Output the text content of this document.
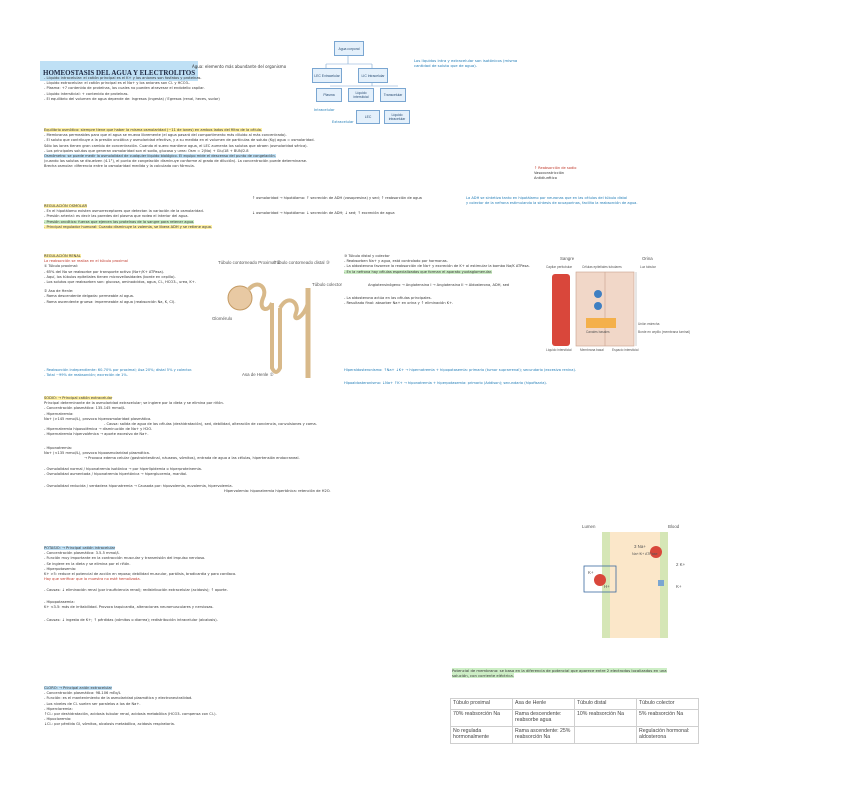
HOMEOSTASIS DEL AGUA Y ELECTROLITOS
Agua: elemento más abundante del organismo
Agua corporal
LEC Extracelular	LIC Intracelular
Plasma	Líquido intersticial	Transcelular
LEC	Líquido intracelular
Intracelular
Extracelular
Los líquidos intra y extracelular son isotónicos (misma cantidad de soluto que de agua).
- Líquido intracelular: el catión principal es el K+ y los aniones son fosfatos y proteínas.
- Líquido extracelular: el catión principal es el Na+ y los aniones son Cl- y HCO3-.
- Plasma: +7 contenido de proteínas, los cuales no pueden atravesar el endotelio capilar.
- Líquido intersticial: + contenido de proteínas.
- El equilibrio del volumen de agua depende de: Ingresos (ingesta) / Egresos (renal, heces, sudor)
Equilibrio osmótico: siempre tiene que haber la misma osmolaridad (~11 de iones) en ambos lados del filtro de la célula.
- Membranas permeables para que el agua se mueva libremente (el agua pasará del compartimento más diluido al más concentrado).
- El soluto que contribuye a la presión oncótica y osmolaridad efectiva, y a su medida en el volumen de partículas de soluto (Kg) agua = osmolaridad.
Sólo los iones tienen gran cambio de concentración. Cuando el suero mantiene agua, el LEC aumenta los solutos que atraen (osmolaridad sérica).
- Los principales solutos que generan osmolaridad son el sodio, glucosa y urea: Osm = 2(Na) + Glu/18 + BUN/2.8
Osmómetro: se puede medir la osmolalidad de cualquier líquido biológico. El equipo mide el descenso del punto de congelación.
(cuando los solutos se disuelven (4.1°), el punto de congelación disminuye conforme al grado de dilución). La concentración puede determinarse.
Brecha osmolar: diferencia entre la osmolaridad medida y la calculada con fórmula.
REGULACIÓN OSMOLAR
- En el hipotálamo existen osmorreceptores que detectan la variación de la osmolaridad.
- Presión arterial: es decir las paredes del plasma que rodea el interior del agua.
- Presión oncótica: fuerza que ejercen las proteínas de la sangre para retener agua.
- Principal regulador humoral: Cuando disminuye la volemia, se libera ADH y se retiene agua.
↑ osmolaridad → hipotálamo: ↑ secreción de ADH (vasopresina) y sed; ↑ reabsorción de agua
↓ osmolaridad → hipotálamo: ↓ secreción de ADH; ↓ sed; ↑ excreción de agua
↑ Reabsorción de sodio
Vasoconstricción
Antidiurético
La ADH se sintetiza tanto en hipotálamo por neuronas que en las células del túbulo distal
y colector de la nefrona estimulando la síntesis de acuaporinas, facilita la reabsorción de agua.
REGULACIÓN RENAL
La reabsorción se realiza en el túbulo proximal
① Túbulo proximal:
- 65% del Na se reabsorbe por transporte activo (Na+/K+ ATPasa).
- Aquí, los túbulos epiteliales tienen microvellosidades (borde en cepillo).
- Los solutos que reabsorben son: glucosa, aminoácidos, agua, Cl-, HCO3-, urea, K+.
② Asa de Henle:
- Rama descendente delgada: permeable al agua.
- Rama ascendente gruesa: impermeable al agua (reabsorción Na, K, Cl).
- Reabsorción independiente: 60-70% por proximal; Asa 20%; distal 5% y colector.
- Total ~99% de reabsorción; excreción de 1%.
Túbulo contorneado Proximal ①
Túbulo contorneado distal ③
Túbulo colector
Glomérulo
Asa de Henle ②
③ Túbulo distal y colector
- Reabsorben Na+ y agua, está controlado por hormonas.
- La aldosterona favorece la reabsorción de Na+ y excreción de K+ al estimular la bomba Na/K ATPasa.
- En la nefrona hay células especializadas que forman el aparato yuxtaglomerular.
Angiotensinógeno → Angiotensina I → Angiotensina II → Aldosterona, ADH, sed
- La aldosterona actúa en las células principales.
- Resultado final: absorber Na+ en orina y ↑ eliminación K+.
Hiperaldosteronismo: ↑Na+ ↓K+ → hipernatremia + hipopotasemia: primario (tumor suprarrenal); secundario (excesiva renina).
Hipoaldosteronismo: ↓Na+ ↑K+ → hiponatremia + hiperpotasemia: primario (Addison); secundario (hipofisaria).
Sangre	Orina
Capilar peritubular	Células epiteliales tubulares	Luz tubular
Unión estrecha
Borde en cepillo (membrana luminal)
Canales basales
Líquido intersticial	Membrana basal	Espacio intersticial
SODIO: → Principal catión extracelular
Principal determinante de la osmolaridad extracelular; se ingiere por la dieta y se elimina por riñón.
- Concentración plasmática: 135-145 mmol/L
- Hipernatremia:
Na+ (>145 mmol/L), provoca hiperosmolaridad plasmática.
- Causa: salida de agua de las células (deshidratación), sed, debilidad, alteración de conciencia, convulsiones y coma.
- Hipernatremia hipovolémica → disminución de Na+ y H2O.
- Hipernatremia hipervolémica → aporte excesivo de Na+.
- Hiponatremia:
Na+ (<135 mmol/L), provoca hipoosmolaridad plasmática.
→ Provoca edema celular (gastrointestinal, náuseas, vómitos), entrada de agua a las células, hipertensión endocraneal.
- Osmolalidad normal / hiponatremia isotónica → por hiperlipidemia o hiperproteinemia.
- Osmolalidad aumentada / hiponatremia hipertónica → hiperglucemia, manitol.
- Osmolalidad reducida / verdadera hiponatremia → Causada por: hipovolemia, euvolemia, hipervolemia.
Hipervolemia: hiponatremia hipertónica: retención de H2O.
Lumen	Blood
3 Na+
Na+/K+ ATPase
2 K+
K+
H+	K+
POTASIO: → Principal catión intracelular
- Concentración plasmática: 3.5-5 mmol/L
- Función muy importante en la contracción muscular y transmisión del impulso nervioso.
- Se ingiere en la dieta y se elimina por el riñón.
- Hiperpotasemia:
K+ >5: reduce el potencial de acción en reposo; debilidad muscular, parálisis, bradicardia y paro cardíaco.
Hay que verificar que la muestra no esté hemolizada.
- Causas: ↓ eliminación renal (por insuficiencia renal); redistribución extracelular (acidosis); ↑ aporte.
- Hipopotasemia:
K+ <3.5: más de irritabilidad. Provoca taquicardia, alteraciones neuromusculares y nerviosas.
- Causas: ↓ ingesta de K+; ↑ pérdidas (vómitos o diarrea); redistribución intracelular (alcalosis).
CLORO: → Principal anión extracelular
- Concentración plasmática: 98-106 mEq/L
- Función: es el mantenimiento de la osmolaridad plasmática y electroneutralidad.
- Los niveles de Cl- suelen ser paralelos a los de Na+.
- Hipercloremia:
↑Cl-: por deshidratación, acidosis tubular renal, acidosis metabólica (HCO3- compensa con Cl-).
- Hipocloremia:
↓Cl-: por pérdida GI, vómitos, alcalosis metabólica, acidosis respiratoria.
Potencial de membrana: se basa en la diferencia de potencial que aparece entre 2 electrodos localizados en una solución, con corriente eléctrica.
Túbulo proximal	Asa de Henle	Túbulo distal	Túbulo colector
70% reabsorción Na	Rama descendente: reabsorbe agua	10% reabsorción Na	5% reabsorción Na
No regulada hormonalmente	Rama ascendente: 25% reabsorción Na		Regulación hormonal: aldosterona
